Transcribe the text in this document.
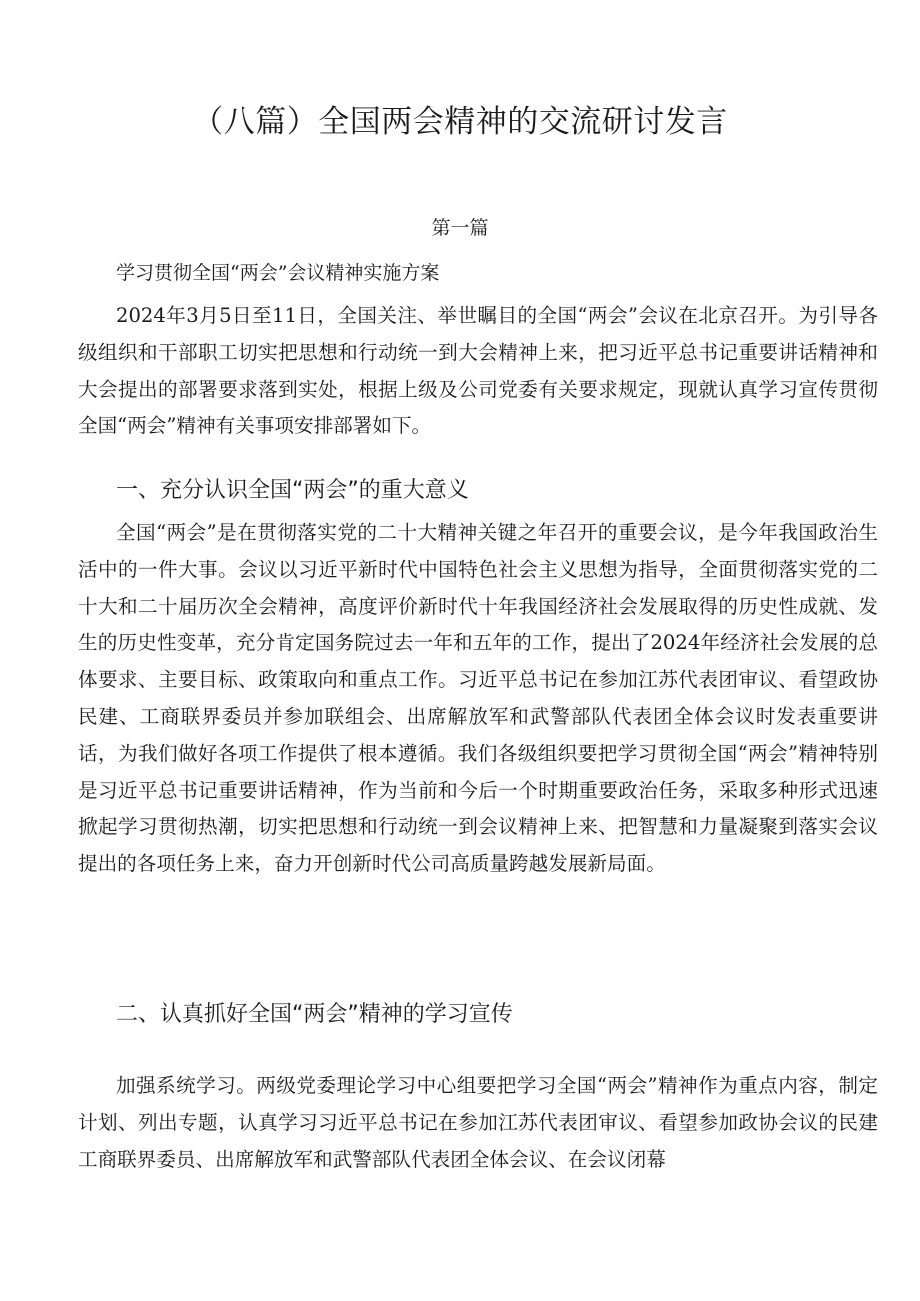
（八篇）全国两会精神的交流研讨发言
第一篇
学习贯彻全国“两会”会议精神实施方案

2024年3月5日至11日，全国关注、举世瞩目的全国“两会”会议在北京召开。为引导各级组织和干部职工切实把思想和行动统一到大会精神上来，把习近平总书记重要讲话精神和大会提出的部署要求落到实处，根据上级及公司党委有关要求规定，现就认真学习宣传贯彻全国“两会”精神有关事项安排部署如下。

一、充分认识全国“两会”的重大意义

全国“两会”是在贯彻落实党的二十大精神关键之年召开的重要会议，是今年我国政治生活中的一件大事。会议以习近平新时代中国特色社会主义思想为指导，全面贯彻落实党的二十大和二十届历次全会精神，高度评价新时代十年我国经济社会发展取得的历史性成就、发生的历史性变革，充分肯定国务院过去一年和五年的工作，提出了2024年经济社会发展的总体要求、主要目标、政策取向和重点工作。习近平总书记在参加江苏代表团审议、看望政协民建、工商联界委员并参加联组会、出席解放军和武警部队代表团全体会议时发表重要讲话，为我们做好各项工作提供了根本遵循。我们各级组织要把学习贯彻全国“两会”精神特别是习近平总书记重要讲话精神，作为当前和今后一个时期重要政治任务，采取多种形式迅速掀起学习贯彻热潮，切实把思想和行动统一到会议精神上来、把智慧和力量凝聚到落实会议提出的各项任务上来，奋力开创新时代公司高质量跨越发展新局面。

二、认真抓好全国“两会”精神的学习宣传

加强系统学习。两级党委理论学习中心组要把学习全国“两会”精神作为重点内容，制定计划、列出专题，认真学习习近平总书记在参加江苏代表团审议、看望参加政协会议的民建工商联界委员、出席解放军和武警部队代表团全体会议、在会议闭幕
